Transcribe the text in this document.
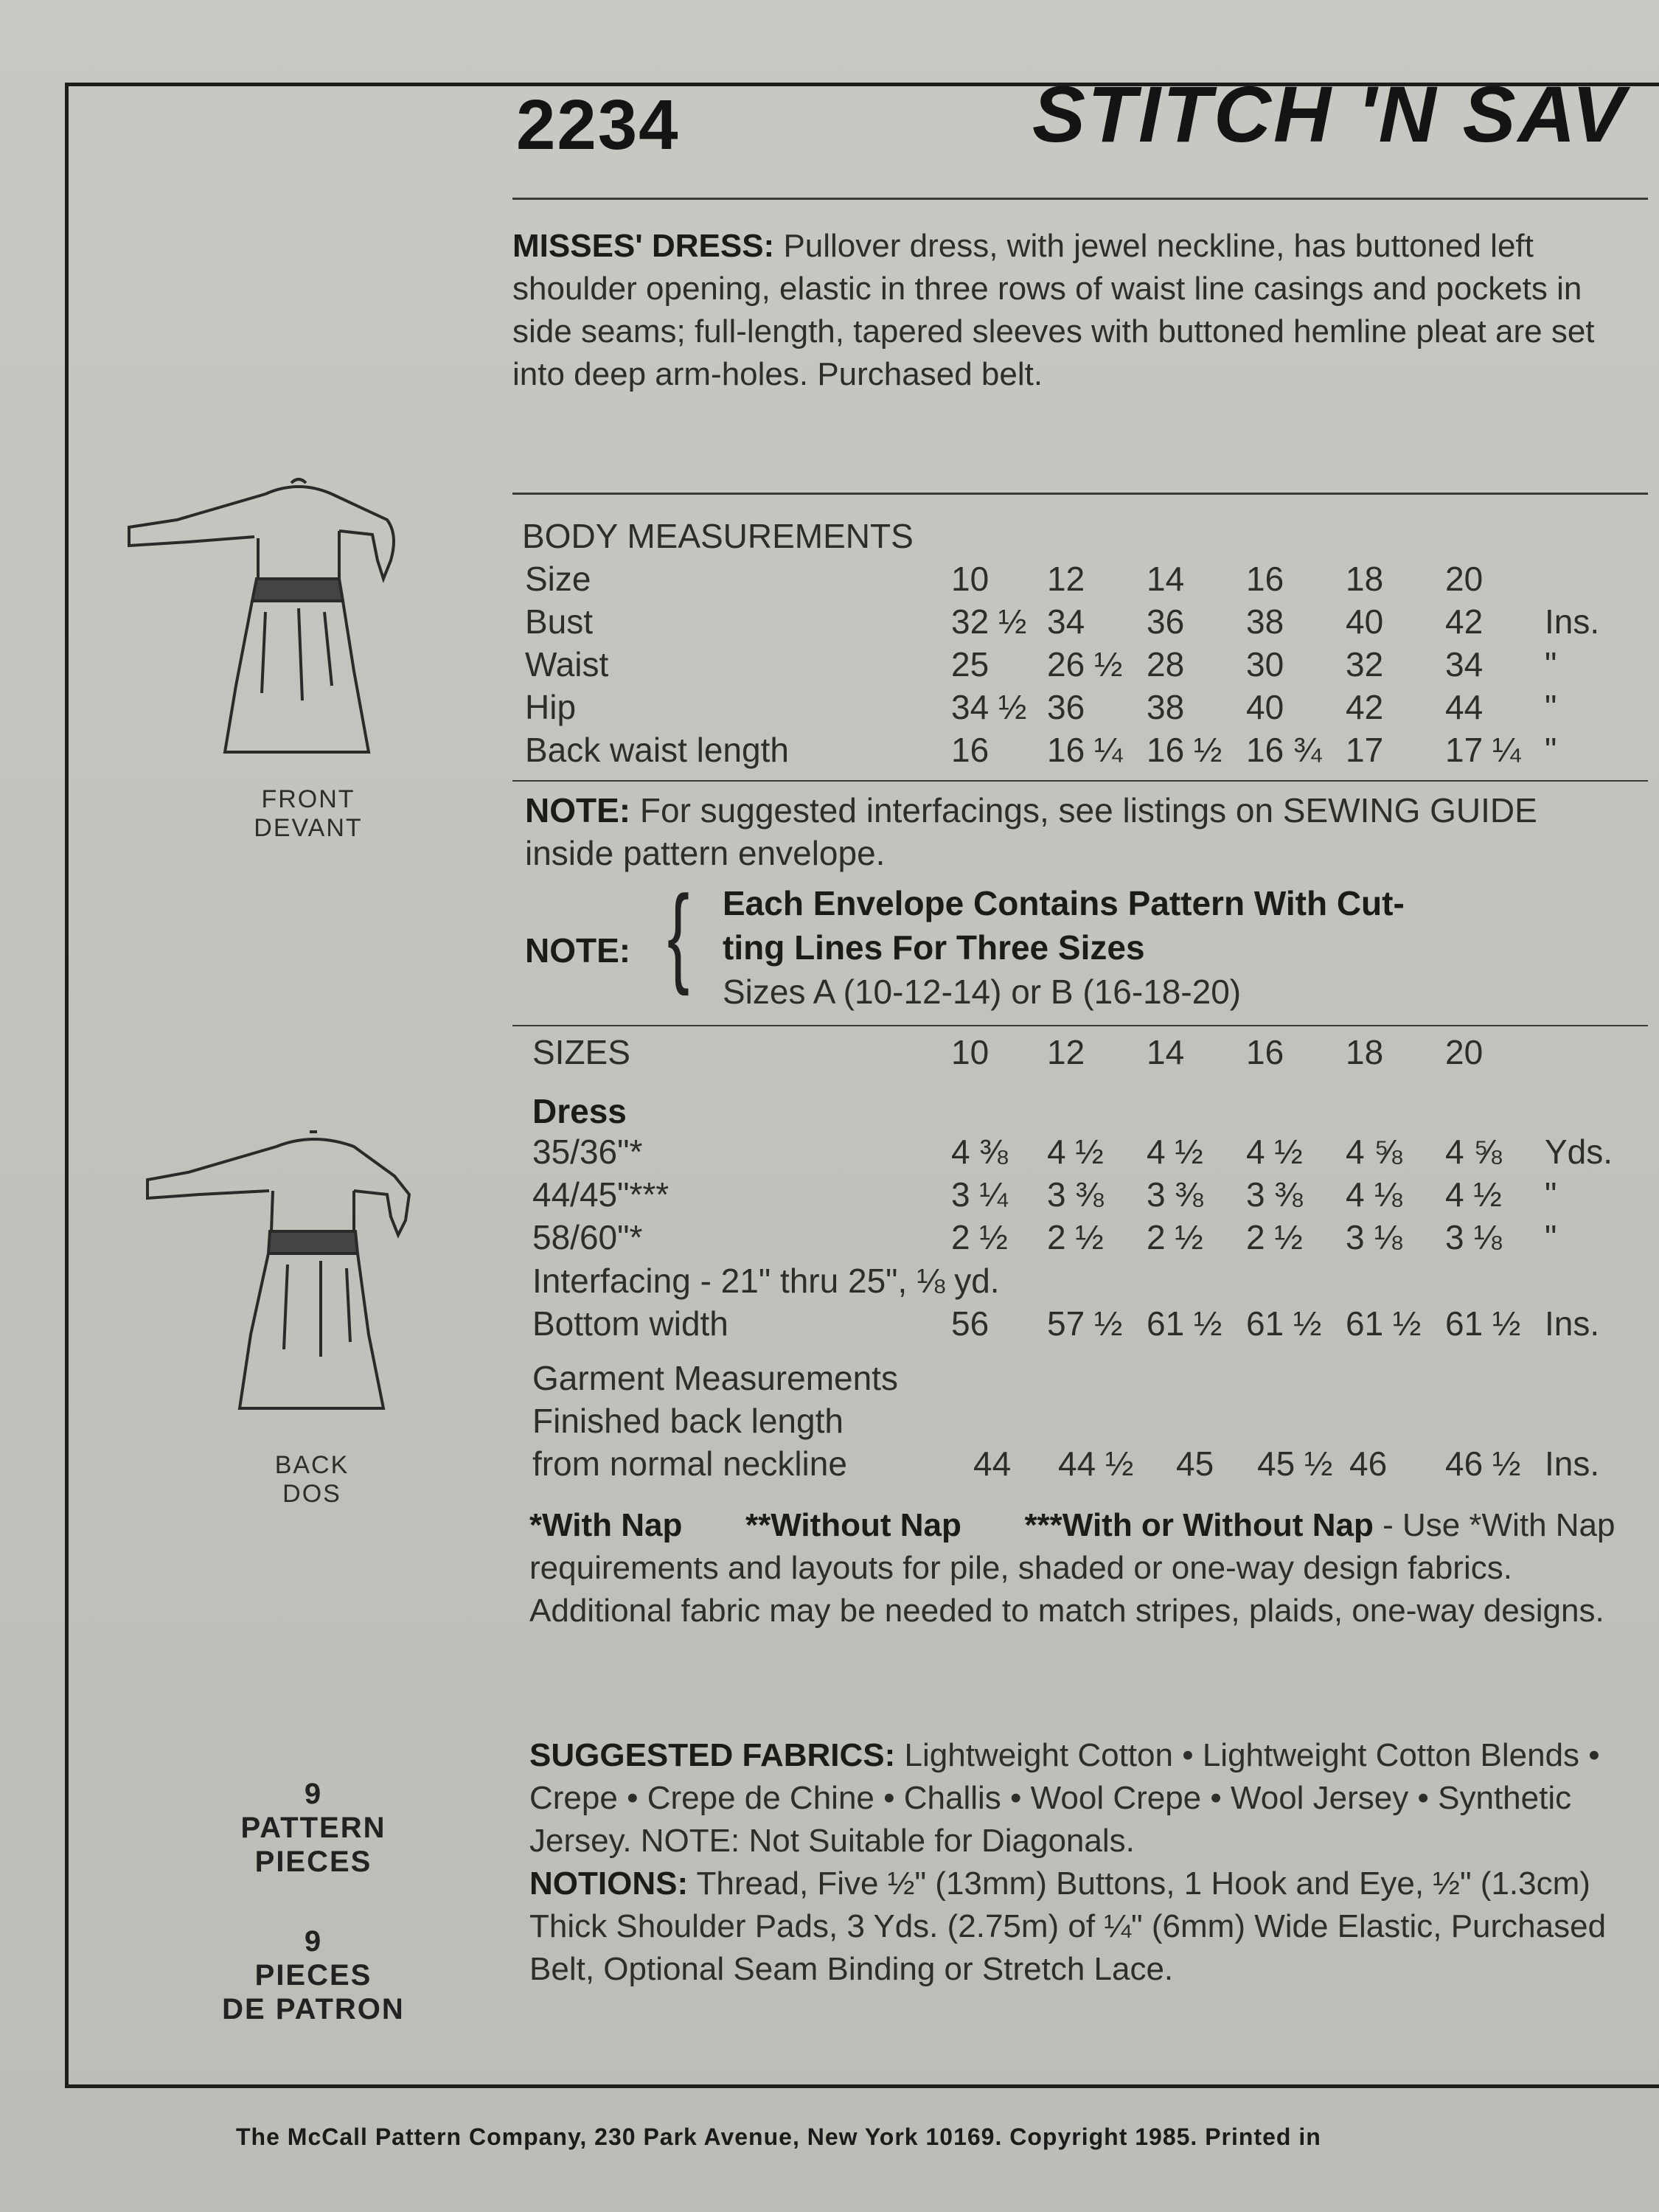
2234	STITCH 'N SAV
MISSES' DRESS: Pullover dress, with jewel neckline, has buttoned left shoulder opening, elastic in three rows of waist line casings and pockets in side seams; full-length, tapered sleeves with buttoned hemline pleat are set into deep arm-holes. Purchased belt.
FRONT
DEVANT
BODY MEASUREMENTS
Size	10 12 14 16 18 20
Bust	32 ½ 34 36 38 40 42 Ins.
Waist	25 26 ½ 28 30 32 34 "
Hip	34 ½ 36 38 40 42 44 "
Back waist length	16 16 ¼ 16 ½ 16 ¾ 17 17 ¼ "
NOTE: For suggested interfacings, see listings on SEWING GUIDE inside pattern envelope.
NOTE: { Each Envelope Contains Pattern With Cut-
ting Lines For Three Sizes
Sizes A (10-12-14) or B (16-18-20)
SIZES	10 12 14 16 18 20
Dress
35/36"*	4 ⅜ 4 ½ 4 ½ 4 ½ 4 ⅝ 4 ⅝ Yds.
44/45"***	3 ¼ 3 ⅜ 3 ⅜ 3 ⅜ 4 ⅛ 4 ½ "
58/60"*	2 ½ 2 ½ 2 ½ 2 ½ 3 ⅛ 3 ⅛ "
Interfacing - 21" thru 25", ⅛ yd.
Bottom width	56 57 ½ 61 ½ 61 ½ 61 ½ 61 ½ Ins.
Garment Measurements
Finished back length
from normal neckline	44 44 ½ 45 45 ½ 46 46 ½ Ins.
BACK
DOS
*With Nap **Without Nap ***With or Without Nap - Use *With Nap requirements and layouts for pile, shaded or one-way design fabrics. Additional fabric may be needed to match stripes, plaids, one-way designs.
9
PATTERN
PIECES
9
PIECES
DE PATRON
SUGGESTED FABRICS: Lightweight Cotton • Lightweight Cotton Blends • Crepe • Crepe de Chine • Challis • Wool Crepe • Wool Jersey • Synthetic Jersey. NOTE: Not Suitable for Diagonals.
NOTIONS: Thread, Five ½" (13mm) Buttons, 1 Hook and Eye, ½" (1.3cm) Thick Shoulder Pads, 3 Yds. (2.75m) of ¼" (6mm) Wide Elastic, Purchased Belt, Optional Seam Binding or Stretch Lace.
The McCall Pattern Company, 230 Park Avenue, New York 10169. Copyright 1985. Printed in
